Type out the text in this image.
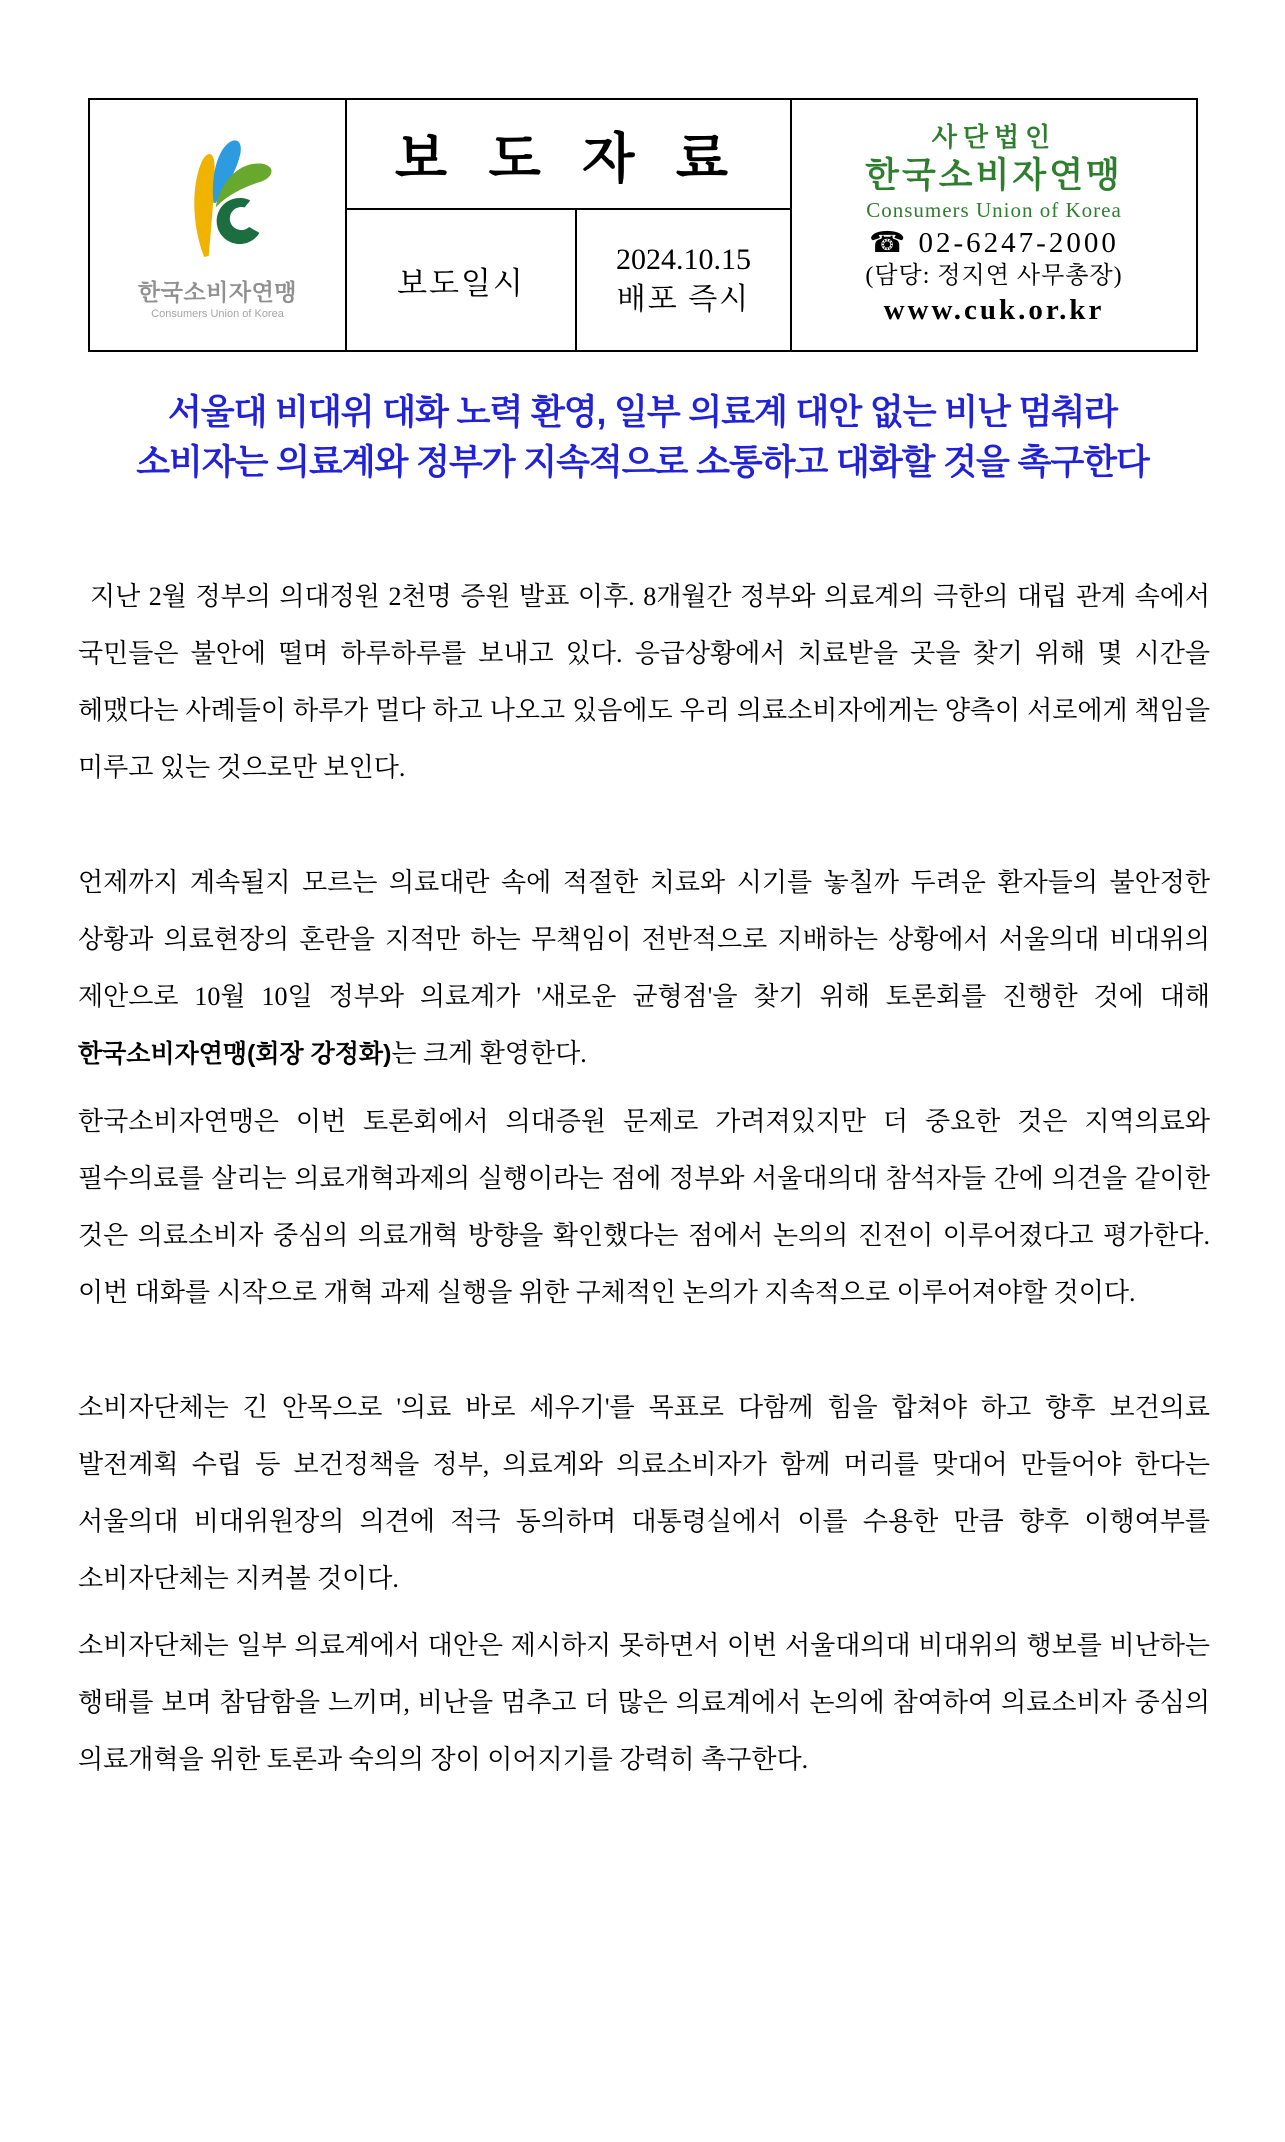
한국소비자연맹
Consumers Union of Korea
보 도 자 료
보도일시
2024.10.15
배포 즉시
사단법인
한국소비자연맹
Consumers Union of Korea
☎ 02-6247-2000
(담당: 정지연 사무총장)
www.cuk.or.kr
서울대 비대위 대화 노력 환영, 일부 의료계 대안 없는 비난 멈춰라
소비자는 의료계와 정부가 지속적으로 소통하고 대화할 것을 촉구한다

지난 2월 정부의 의대정원 2천명 증원 발표 이후. 8개월간 정부와 의료계의 극한의 대립 관계 속에서 국민들은 불안에 떨며 하루하루를 보내고 있다. 응급상황에서 치료받을 곳을 찾기 위해 몇 시간을 헤맸다는 사례들이 하루가 멀다 하고 나오고 있음에도 우리 의료소비자에게는 양측이 서로에게 책임을 미루고 있는 것으로만 보인다.

언제까지 계속될지 모르는 의료대란 속에 적절한 치료와 시기를 놓칠까 두려운 환자들의 불안정한 상황과 의료현장의 혼란을 지적만 하는 무책임이 전반적으로 지배하는 상황에서 서울의대 비대위의 제안으로 10월 10일 정부와 의료계가 '새로운 균형점'을 찾기 위해 토론회를 진행한 것에 대해 한국소비자연맹(회장 강정화)는 크게 환영한다.

한국소비자연맹은 이번 토론회에서 의대증원 문제로 가려져있지만 더 중요한 것은 지역의료와 필수의료를 살리는 의료개혁과제의 실행이라는 점에 정부와 서울대의대 참석자들 간에 의견을 같이한 것은 의료소비자 중심의 의료개혁 방향을 확인했다는 점에서 논의의 진전이 이루어졌다고 평가한다. 이번 대화를 시작으로 개혁 과제 실행을 위한 구체적인 논의가 지속적으로 이루어져야할 것이다.

소비자단체는 긴 안목으로 '의료 바로 세우기'를 목표로 다함께 힘을 합쳐야 하고 향후 보건의료 발전계획 수립 등 보건정책을 정부, 의료계와 의료소비자가 함께 머리를 맞대어 만들어야 한다는 서울의대 비대위원장의 의견에 적극 동의하며 대통령실에서 이를 수용한 만큼 향후 이행여부를 소비자단체는 지켜볼 것이다.

소비자단체는 일부 의료계에서 대안은 제시하지 못하면서 이번 서울대의대 비대위의 행보를 비난하는 행태를 보며 참담함을 느끼며, 비난을 멈추고 더 많은 의료계에서 논의에 참여하여 의료소비자 중심의 의료개혁을 위한 토론과 숙의의 장이 이어지기를 강력히 촉구한다.
